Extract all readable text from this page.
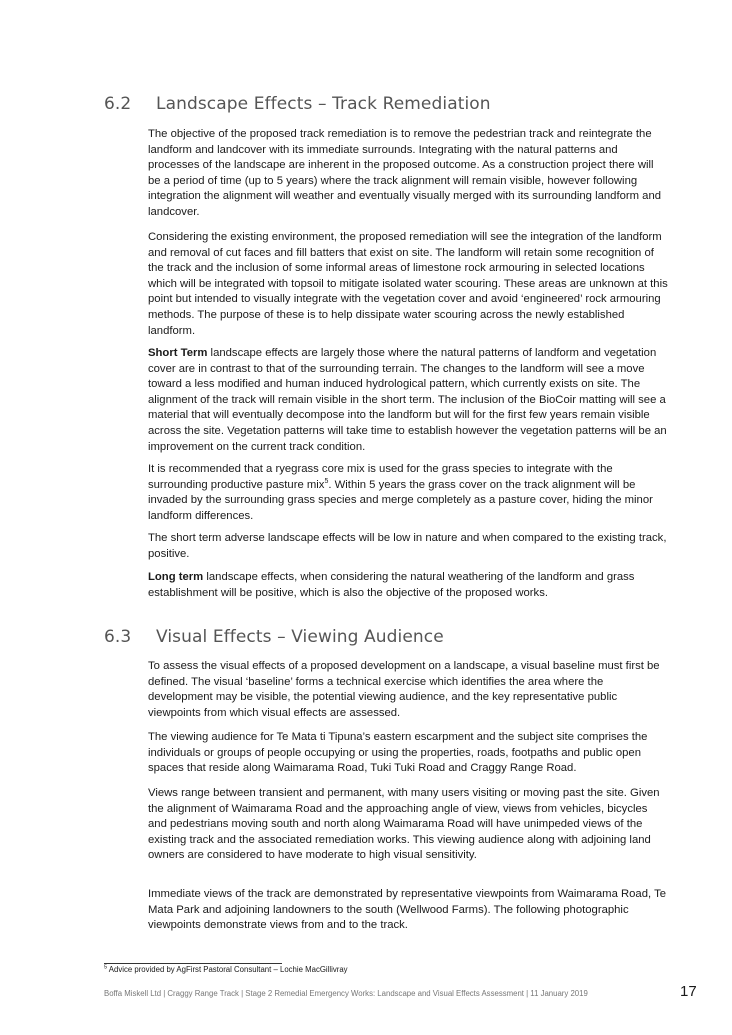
6.2 Landscape Effects – Track Remediation

The objective of the proposed track remediation is to remove the pedestrian track and reintegrate the landform and landcover with its immediate surrounds. Integrating with the natural patterns and processes of the landscape are inherent in the proposed outcome. As a construction project there will be a period of time (up to 5 years) where the track alignment will remain visible, however following integration the alignment will weather and eventually visually merged with its surrounding landform and landcover.

Considering the existing environment, the proposed remediation will see the integration of the landform and removal of cut faces and fill batters that exist on site. The landform will retain some recognition of the track and the inclusion of some informal areas of limestone rock armouring in selected locations which will be integrated with topsoil to mitigate isolated water scouring. These areas are unknown at this point but intended to visually integrate with the vegetation cover and avoid ‘engineered’ rock armouring methods. The purpose of these is to help dissipate water scouring across the newly established landform.

Short Term landscape effects are largely those where the natural patterns of landform and vegetation cover are in contrast to that of the surrounding terrain. The changes to the landform will see a move toward a less modified and human induced hydrological pattern, which currently exists on site. The alignment of the track will remain visible in the short term. The inclusion of the BioCoir matting will see a material that will eventually decompose into the landform but will for the first few years remain visible across the site. Vegetation patterns will take time to establish however the vegetation patterns will be an improvement on the current track condition.

It is recommended that a ryegrass core mix is used for the grass species to integrate with the surrounding productive pasture mix$^5$. Within 5 years the grass cover on the track alignment will be invaded by the surrounding grass species and merge completely as a pasture cover, hiding the minor landform differences.

The short term adverse landscape effects will be low in nature and when compared to the existing track, positive.

Long term landscape effects, when considering the natural weathering of the landform and grass establishment will be positive, which is also the objective of the proposed works.

6.3 Visual Effects – Viewing Audience

To assess the visual effects of a proposed development on a landscape, a visual baseline must first be defined. The visual ‘baseline’ forms a technical exercise which identifies the area where the development may be visible, the potential viewing audience, and the key representative public viewpoints from which visual effects are assessed.

The viewing audience for Te Mata ti Tipuna’s eastern escarpment and the subject site comprises the individuals or groups of people occupying or using the properties, roads, footpaths and public open spaces that reside along Waimarama Road, Tuki Tuki Road and Craggy Range Road.

Views range between transient and permanent, with many users visiting or moving past the site. Given the alignment of Waimarama Road and the approaching angle of view, views from vehicles, bicycles and pedestrians moving south and north along Waimarama Road will have unimpeded views of the existing track and the associated remediation works. This viewing audience along with adjoining land owners are considered to have moderate to high visual sensitivity.

Immediate views of the track are demonstrated by representative viewpoints from Waimarama Road, Te Mata Park and adjoining landowners to the south (Wellwood Farms). The following photographic viewpoints demonstrate views from and to the track.

$^5$ Advice provided by AgFirst Pastoral Consultant – Lochie MacGillivray
Boffa Miskell Ltd | Craggy Range Track | Stage 2 Remedial Emergency Works: Landscape and Visual Effects Assessment | 11 January 2019	17
